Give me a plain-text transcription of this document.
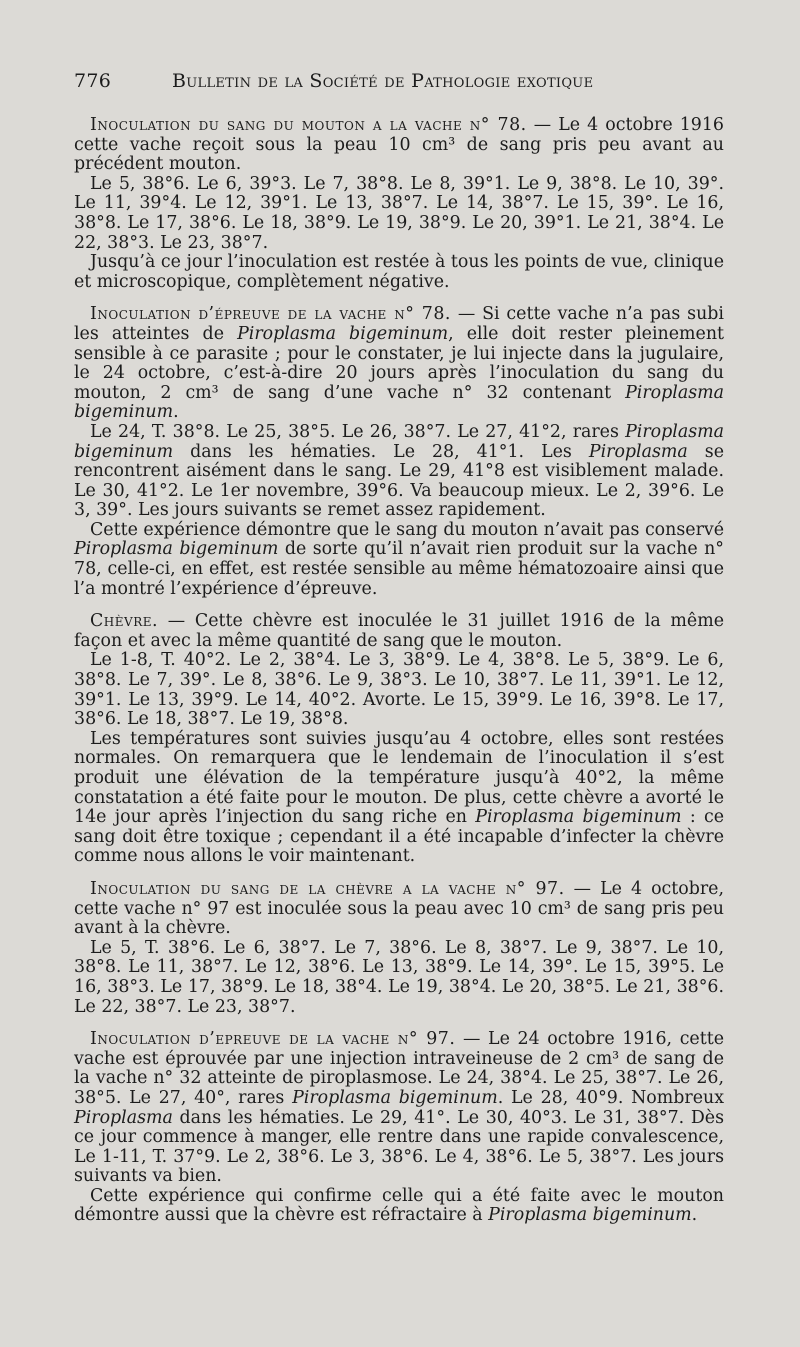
776	Bulletin de la Société de Pathologie exotique

Inoculation du sang du mouton a la vache n° 78. — Le 4 octobre 1916 cette vache reçoit sous la peau 10 cm³ de sang pris peu avant au précédent mouton.

Le 5, 38°6. Le 6, 39°3. Le 7, 38°8. Le 8, 39°1. Le 9, 38°8. Le 10, 39°. Le 11, 39°4. Le 12, 39°1. Le 13, 38°7. Le 14, 38°7. Le 15, 39°. Le 16, 38°8. Le 17, 38°6. Le 18, 38°9. Le 19, 38°9. Le 20, 39°1. Le 21, 38°4. Le 22, 38°3. Le 23, 38°7.

Jusqu’à ce jour l’inoculation est restée à tous les points de vue, clinique et microscopique, complètement négative.

Inoculation d’épreuve de la vache n° 78. — Si cette vache n’a pas subi les atteintes de Piroplasma bigeminum, elle doit rester pleinement sensible à ce parasite ; pour le constater, je lui injecte dans la jugulaire, le 24 octobre, c’est-à-dire 20 jours après l’inoculation du sang du mouton, 2 cm³ de sang d’une vache n° 32 contenant Piroplasma bigeminum.

Le 24, T. 38°8. Le 25, 38°5. Le 26, 38°7. Le 27, 41°2, rares Piroplasma bigeminum dans les hématies. Le 28, 41°1. Les Piroplasma se rencontrent aisément dans le sang. Le 29, 41°8 est visiblement malade. Le 30, 41°2. Le 1er novembre, 39°6. Va beaucoup mieux. Le 2, 39°6. Le 3, 39°. Les jours suivants se remet assez rapidement.

Cette expérience démontre que le sang du mouton n’avait pas conservé Piroplasma bigeminum de sorte qu’il n’avait rien produit sur la vache n° 78, celle-ci, en effet, est restée sensible au même hématozoaire ainsi que l’a montré l’expérience d’épreuve.

Chèvre. — Cette chèvre est inoculée le 31 juillet 1916 de la même façon et avec la même quantité de sang que le mouton.

Le 1-8, T. 40°2. Le 2, 38°4. Le 3, 38°9. Le 4, 38°8. Le 5, 38°9. Le 6, 38°8. Le 7, 39°. Le 8, 38°6. Le 9, 38°3. Le 10, 38°7. Le 11, 39°1. Le 12, 39°1. Le 13, 39°9. Le 14, 40°2. Avorte. Le 15, 39°9. Le 16, 39°8. Le 17, 38°6. Le 18, 38°7. Le 19, 38°8.

Les températures sont suivies jusqu’au 4 octobre, elles sont restées normales. On remarquera que le lendemain de l’inoculation il s’est produit une élévation de la température jusqu’à 40°2, la même constatation a été faite pour le mouton. De plus, cette chèvre a avorté le 14e jour après l’injection du sang riche en Piroplasma bigeminum : ce sang doit être toxique ; cependant il a été incapable d’infecter la chèvre comme nous allons le voir maintenant.

Inoculation du sang de la chèvre a la vache n° 97. — Le 4 octobre, cette vache n° 97 est inoculée sous la peau avec 10 cm³ de sang pris peu avant à la chèvre.

Le 5, T. 38°6. Le 6, 38°7. Le 7, 38°6. Le 8, 38°7. Le 9, 38°7. Le 10, 38°8. Le 11, 38°7. Le 12, 38°6. Le 13, 38°9. Le 14, 39°. Le 15, 39°5. Le 16, 38°3. Le 17, 38°9. Le 18, 38°4. Le 19, 38°4. Le 20, 38°5. Le 21, 38°6. Le 22, 38°7. Le 23, 38°7.

Inoculation d’epreuve de la vache n° 97. — Le 24 octobre 1916, cette vache est éprouvée par une injection intraveineuse de 2 cm³ de sang de la vache n° 32 atteinte de piroplasmose. Le 24, 38°4. Le 25, 38°7. Le 26, 38°5. Le 27, 40°, rares Piroplasma bigeminum. Le 28, 40°9. Nombreux Piroplasma dans les hématies. Le 29, 41°. Le 30, 40°3. Le 31, 38°7. Dès ce jour commence à manger, elle rentre dans une rapide convalescence, Le 1-11, T. 37°9. Le 2, 38°6. Le 3, 38°6. Le 4, 38°6. Le 5, 38°7. Les jours suivants va bien.

Cette expérience qui confirme celle qui a été faite avec le mouton démontre aussi que la chèvre est réfractaire à Piroplasma bigeminum.
